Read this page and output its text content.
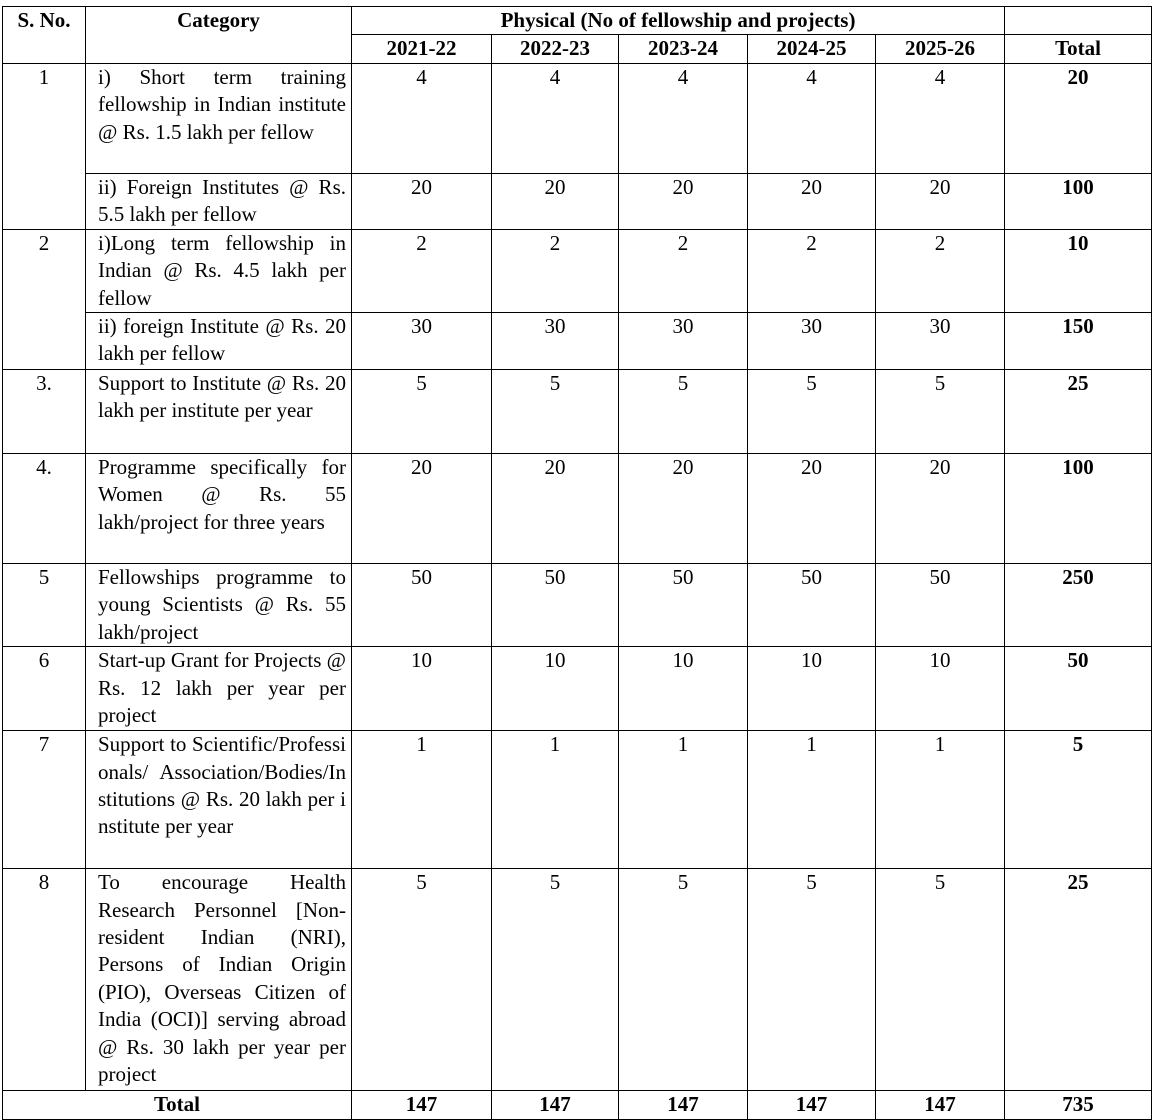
S. No.	Category	Physical (No of fellowship and projects)					
		2021-22	2022-23	2023-24	2024-25	2025-26	Total
1	i) Short term training fellowship in Indian institute @ Rs. 1.5 lakh per fellow	4	4	4	4	4	20
	ii) Foreign Institutes @ Rs. 5.5 lakh per fellow	20	20	20	20	20	100
2	i)Long term fellowship in Indian @ Rs. 4.5 lakh per fellow	2	2	2	2	2	10
	ii) foreign Institute @ Rs. 20 lakh per fellow	30	30	30	30	30	150
3.	Support to Institute @ Rs. 20 lakh per institute per year	5	5	5	5	5	25
4.	Programme specifically for Women @ Rs. 55 lakh/project for three years	20	20	20	20	20	100
5	Fellowships programme to young Scientists @ Rs. 55 lakh/project	50	50	50	50	50	250
6	Start-up Grant for Projects @ Rs. 12 lakh per year per project	10	10	10	10	10	50
7	Support to Scientific/Professionals/ Association/Bodies/Institutions @ Rs. 20 lakh per institute per year	1	1	1	1	1	5
8	To encourage Health Research Personnel [Non-resident Indian (NRI), Persons of Indian Origin (PIO), Overseas Citizen of India (OCI)] serving abroad @ Rs. 30 lakh per year per project	5	5	5	5	5	25
Total		147	147	147	147	147	735
